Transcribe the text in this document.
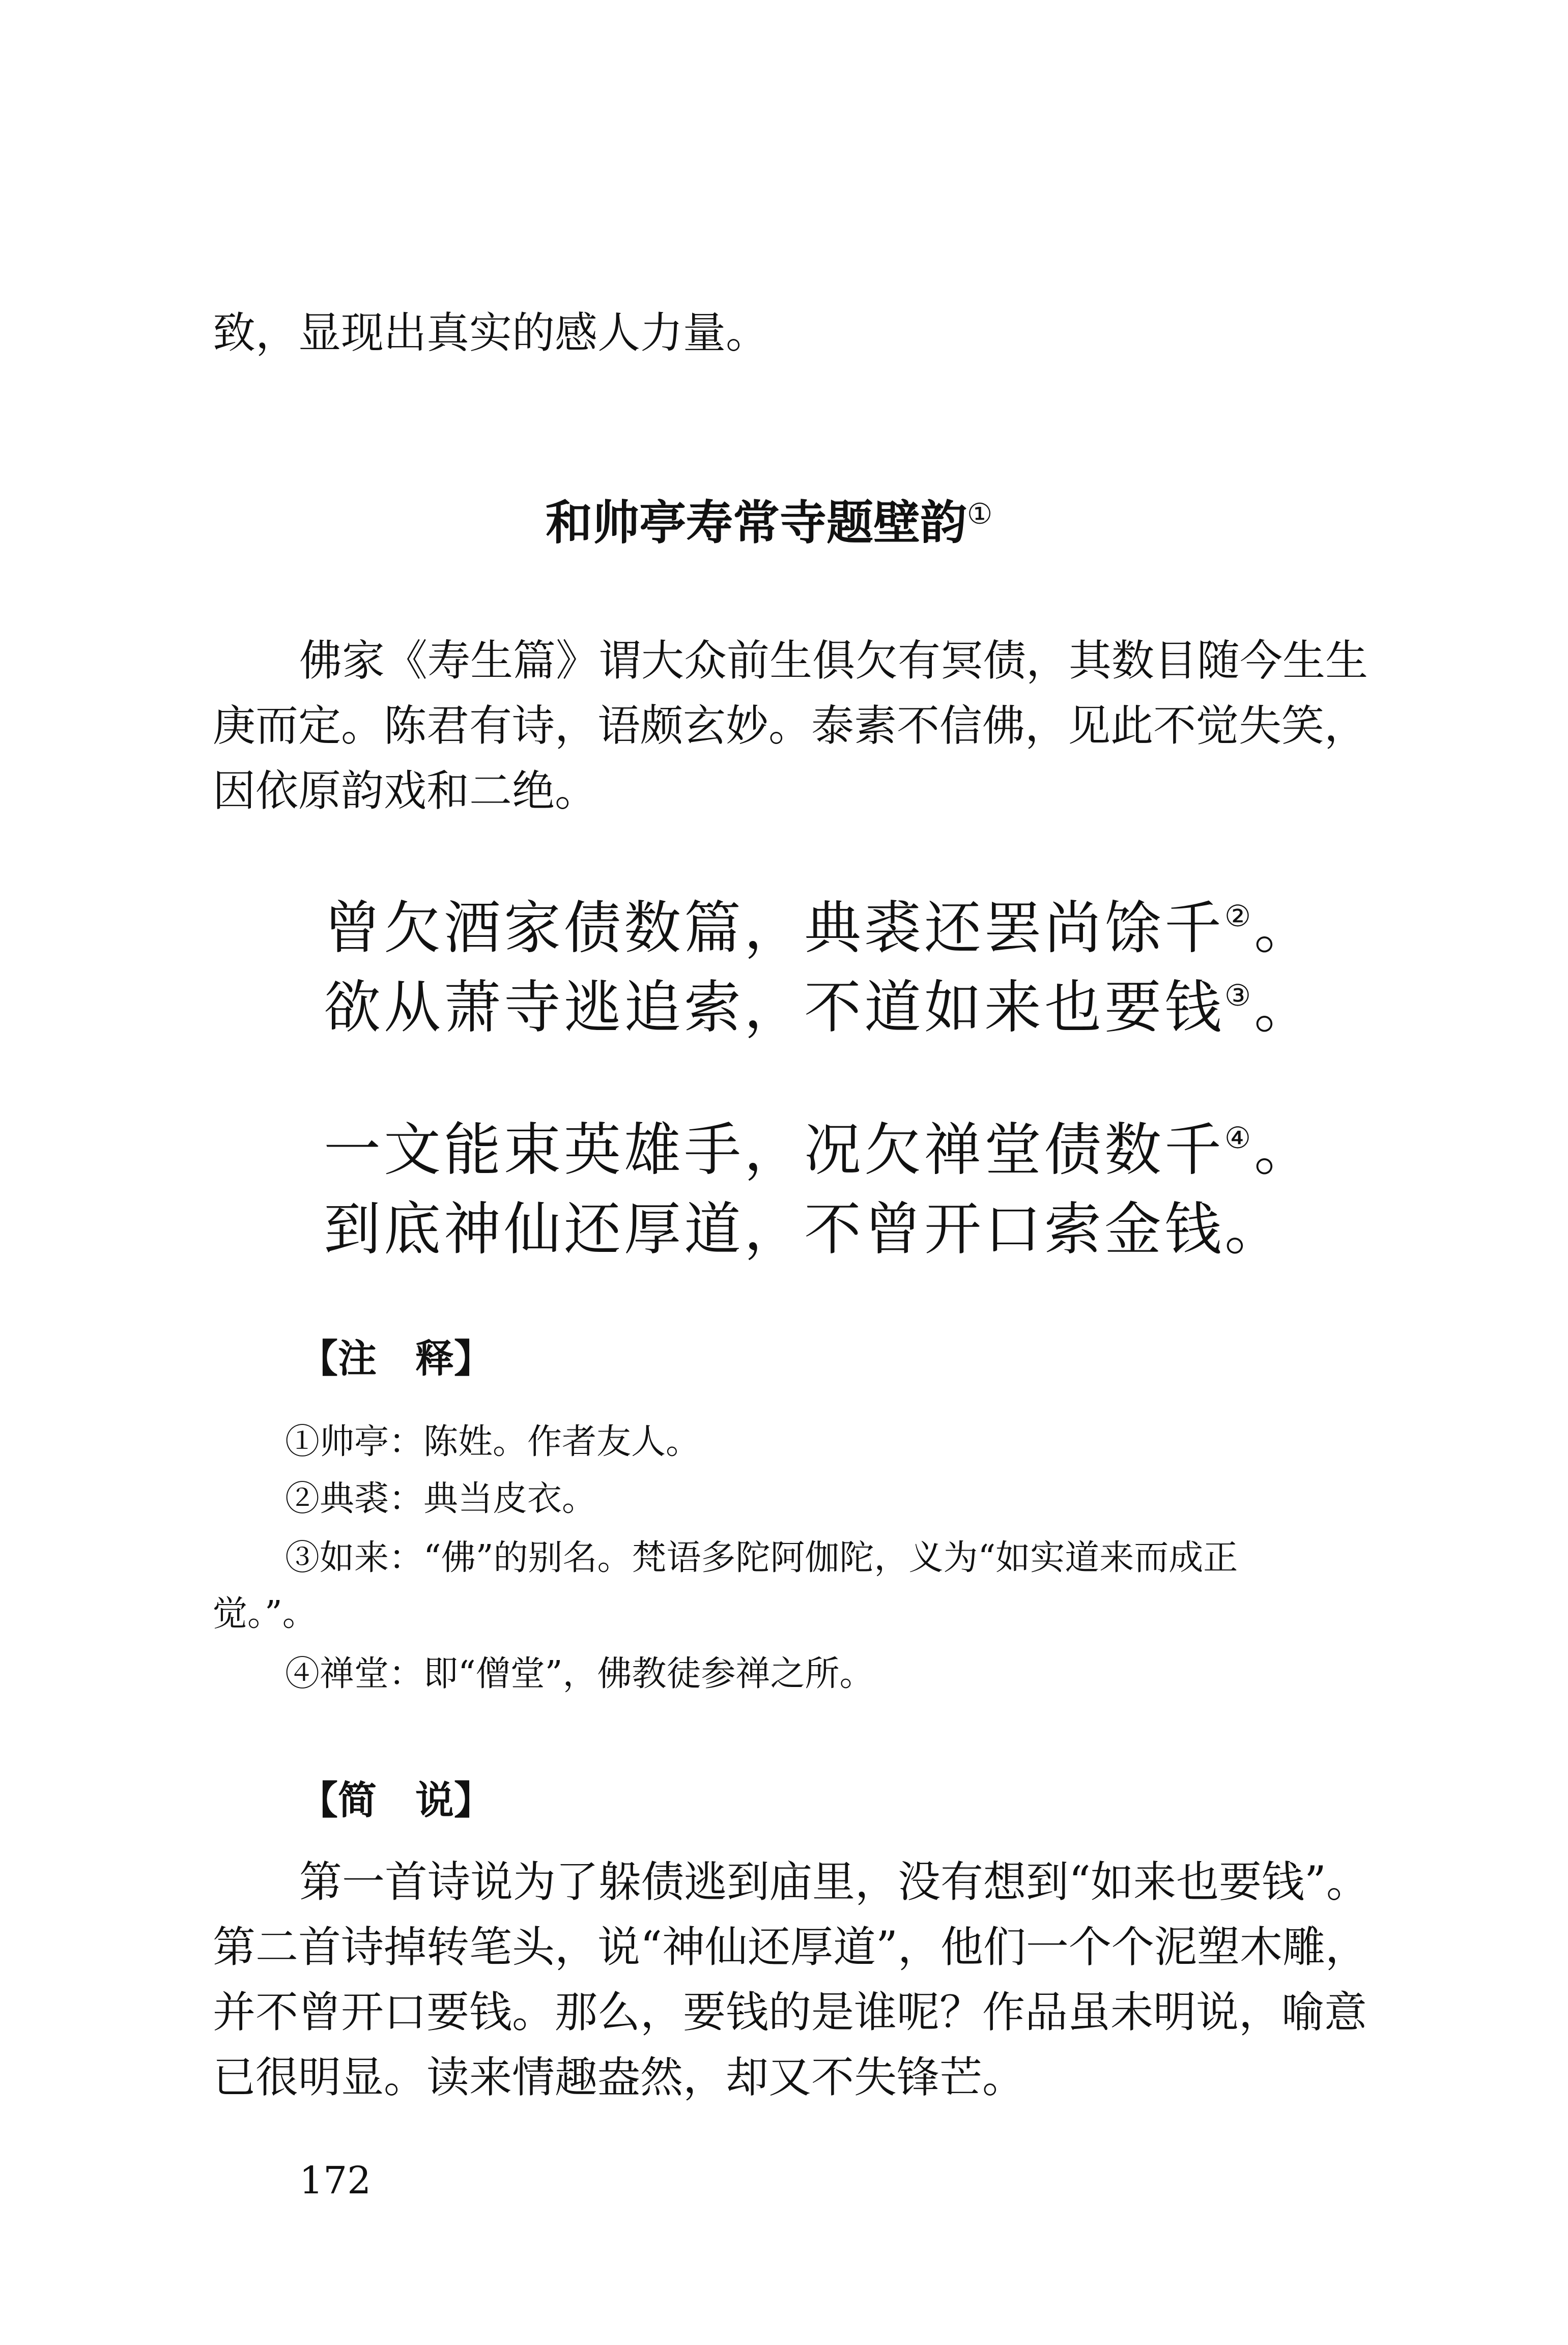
致，显现出真实的感人力量。
和帅亭寿常寺题壁韵①
佛家《寿生篇》谓大众前生俱欠有冥债，其数目随今生生
庚而定。陈君有诗，语颇玄妙。泰素不信佛，见此不觉失笑，
因依原韵戏和二绝。
曾欠酒家债数篇，典裘还罢尚馀千②。
欲从萧寺逃追索，不道如来也要钱③。
一文能束英雄手，况欠禅堂债数千④。
到底神仙还厚道，不曾开口索金钱。
【注　释】
①帅亭：陈姓。作者友人。
②典裘：典当皮衣。
③如来：“佛”的别名。梵语多陀阿伽陀，义为“如实道来而成正
觉。”。
④禅堂：即“僧堂”，佛教徒参禅之所。
【简　说】
第一首诗说为了躲债逃到庙里，没有想到“如来也要钱”。
第二首诗掉转笔头，说“神仙还厚道”，他们一个个泥塑木雕，
并不曾开口要钱。那么，要钱的是谁呢？作品虽未明说，喻意
已很明显。读来情趣盎然，却又不失锋芒。
172
